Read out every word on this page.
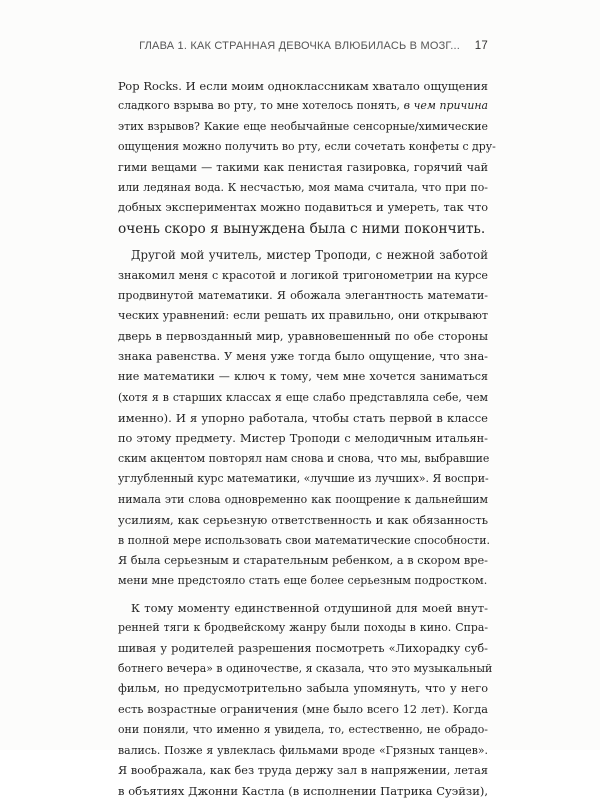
ГЛАВА 1. КАК СТРАННАЯ ДЕВОЧКА ВЛЮБИЛАСЬ В МОЗГ... 17
Pop Rocks. И если моим одноклассникам хватало ощущения
сладкого взрыва во рту, то мне хотелось понять, в чем причина
этих взрывов? Какие еще необычайные сенсорные/химические
ощущения можно получить во рту, если сочетать конфеты с дру-
гими вещами — такими как пенистая газировка, горячий чай
или ледяная вода. К несчастью, моя мама считала, что при по-
добных экспериментах можно подавиться и умереть, так что
очень скоро я вынуждена была с ними покончить.
Другой мой учитель, мистер Троподи, с нежной заботой
знакомил меня с красотой и логикой тригонометрии на курсе
продвинутой математики. Я обожала элегантность математи-
ческих уравнений: если решать их правильно, они открывают
дверь в первозданный мир, уравновешенный по обе стороны
знака равенства. У меня уже тогда было ощущение, что зна-
ние математики — ключ к тому, чем мне хочется заниматься
(хотя я в старших классах я еще слабо представляла себе, чем
именно). И я упорно работала, чтобы стать первой в классе
по этому предмету. Мистер Троподи с мелодичным итальян-
ским акцентом повторял нам снова и снова, что мы, выбравшие
углубленный курс математики, «лучшие из лучших». Я воспри-
нимала эти слова одновременно как поощрение к дальнейшим
усилиям, как серьезную ответственность и как обязанность
в полной мере использовать свои математические способности.
Я была серьезным и старательным ребенком, а в скором вре-
мени мне предстояло стать еще более серьезным подростком.
К тому моменту единственной отдушиной для моей внут-
ренней тяги к бродвейскому жанру были походы в кино. Спра-
шивая у родителей разрешения посмотреть «Лихорадку суб-
ботнего вечера» в одиночестве, я сказала, что это музыкальный
фильм, но предусмотрительно забыла упомянуть, что у него
есть возрастные ограничения (мне было всего 12 лет). Когда
они поняли, что именно я увидела, то, естественно, не обрадо-
вались. Позже я увлеклась фильмами вроде «Грязных танцев».
Я воображала, как без труда держу зал в напряжении, летая
в объятиях Джонни Кастла (в исполнении Патрика Суэйзи),
